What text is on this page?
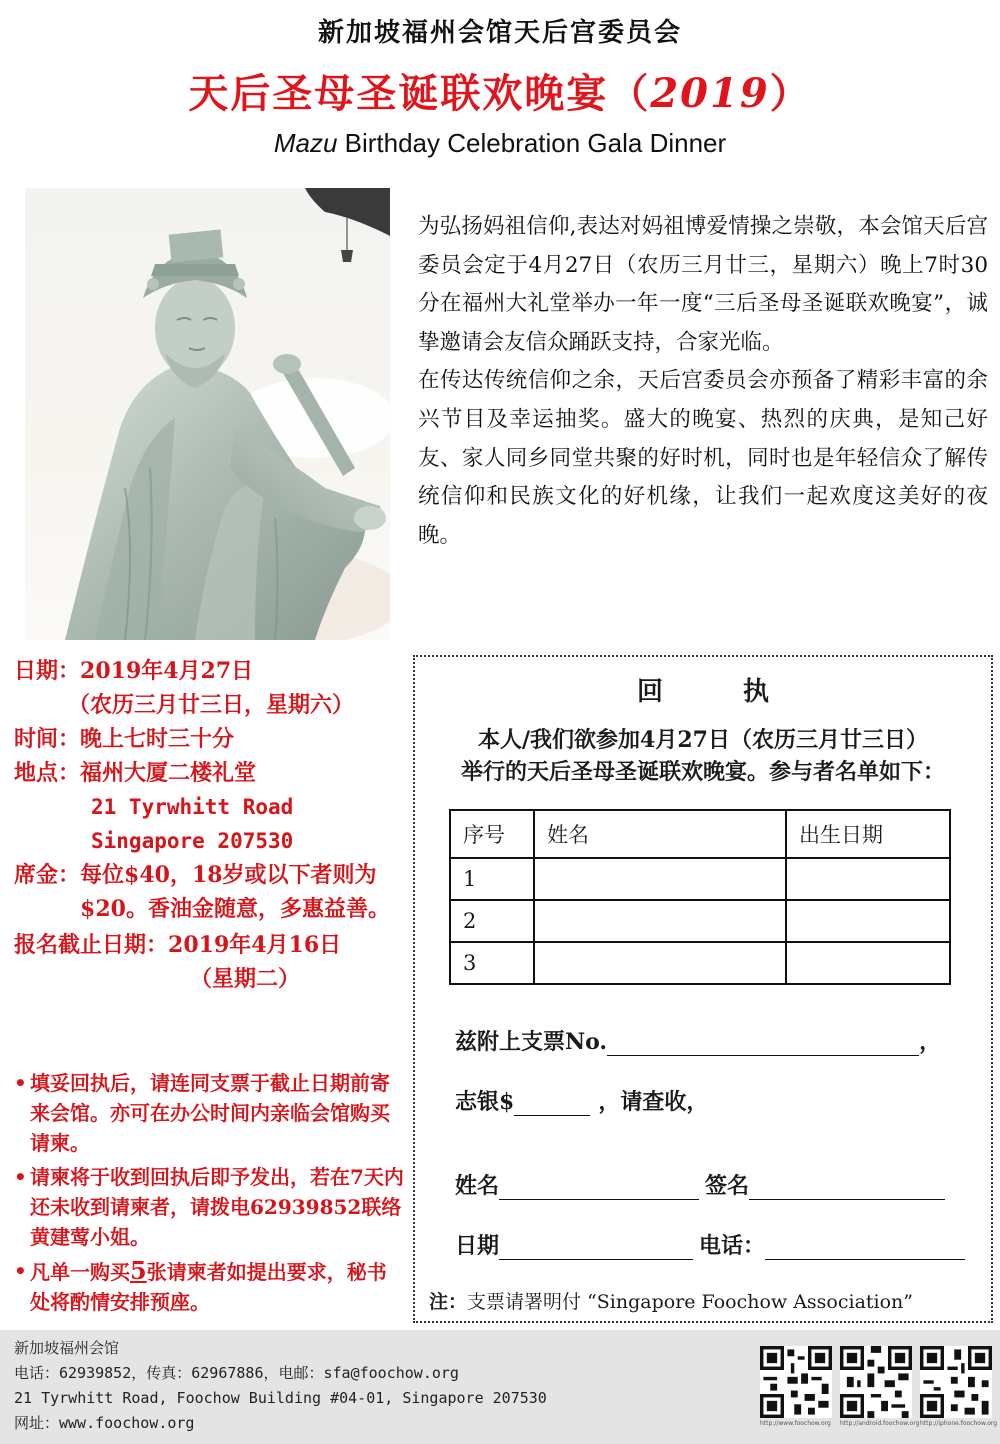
新加坡福州会馆天后宫委员会
天后圣母圣诞联欢晚宴（2019）
Mazu Birthday Celebration Gala Dinner

为弘扬妈祖信仰,表达对妈祖博爱情操之崇敬，本会馆天后宫委员会定于4月27日（农历三月廿三，星期六）晚上7时30分在福州大礼堂举办一年一度“三后圣母圣诞联欢晚宴”，诚挚邀请会友信众踊跃支持，合家光临。

在传达传统信仰之余，天后宫委员会亦预备了精彩丰富的余兴节目及幸运抽奖。盛大的晚宴、热烈的庆典，是知己好友、家人同乡同堂共聚的好时机，同时也是年轻信众了解传统信仰和民族文化的好机缘，让我们一起欢度这美好的夜晚。

日期： 2019年4月27日
（农历三月廿三日，星期六）
时间： 晚上七时三十分
地点： 福州大厦二楼礼堂
21 Tyrwhitt Road
Singapore 207530
席金： 每位$40，18岁或以下者则为$20。香油金随意，多惠益善。
报名截止日期： 2019年4月16日
（星期二）
• 填妥回执后，请连同支票于截止日期前寄来会馆。亦可在办公时间内亲临会馆购买请柬。
• 请柬将于收到回执后即予发出，若在7天内还未收到请柬者，请拨电62939852联络黄建莺小姐。
• 凡单一购买5张请柬者如提出要求，秘书处将酌情安排预座。
回执
本人/我们欲参加4月27日（农历三月廿三日）
举行的天后圣母圣诞联欢晚宴。参与者名单如下：
序号	姓名	出生日期
1		
2		
3		
兹附上支票No.	，
志银$	，请查收，
姓名	签名
日期	电话：
注：支票请署明付 “Singapore Foochow Association”
新加坡福州会馆
电话：62939852，传真：62967886，电邮：sfa@foochow.org
21 Tyrwhitt Road, Foochow Building #04-01, Singapore 207530
网址：www.foochow.org	http://www.foochow.org http://android.foochow.org http://iphone.foochow.org
